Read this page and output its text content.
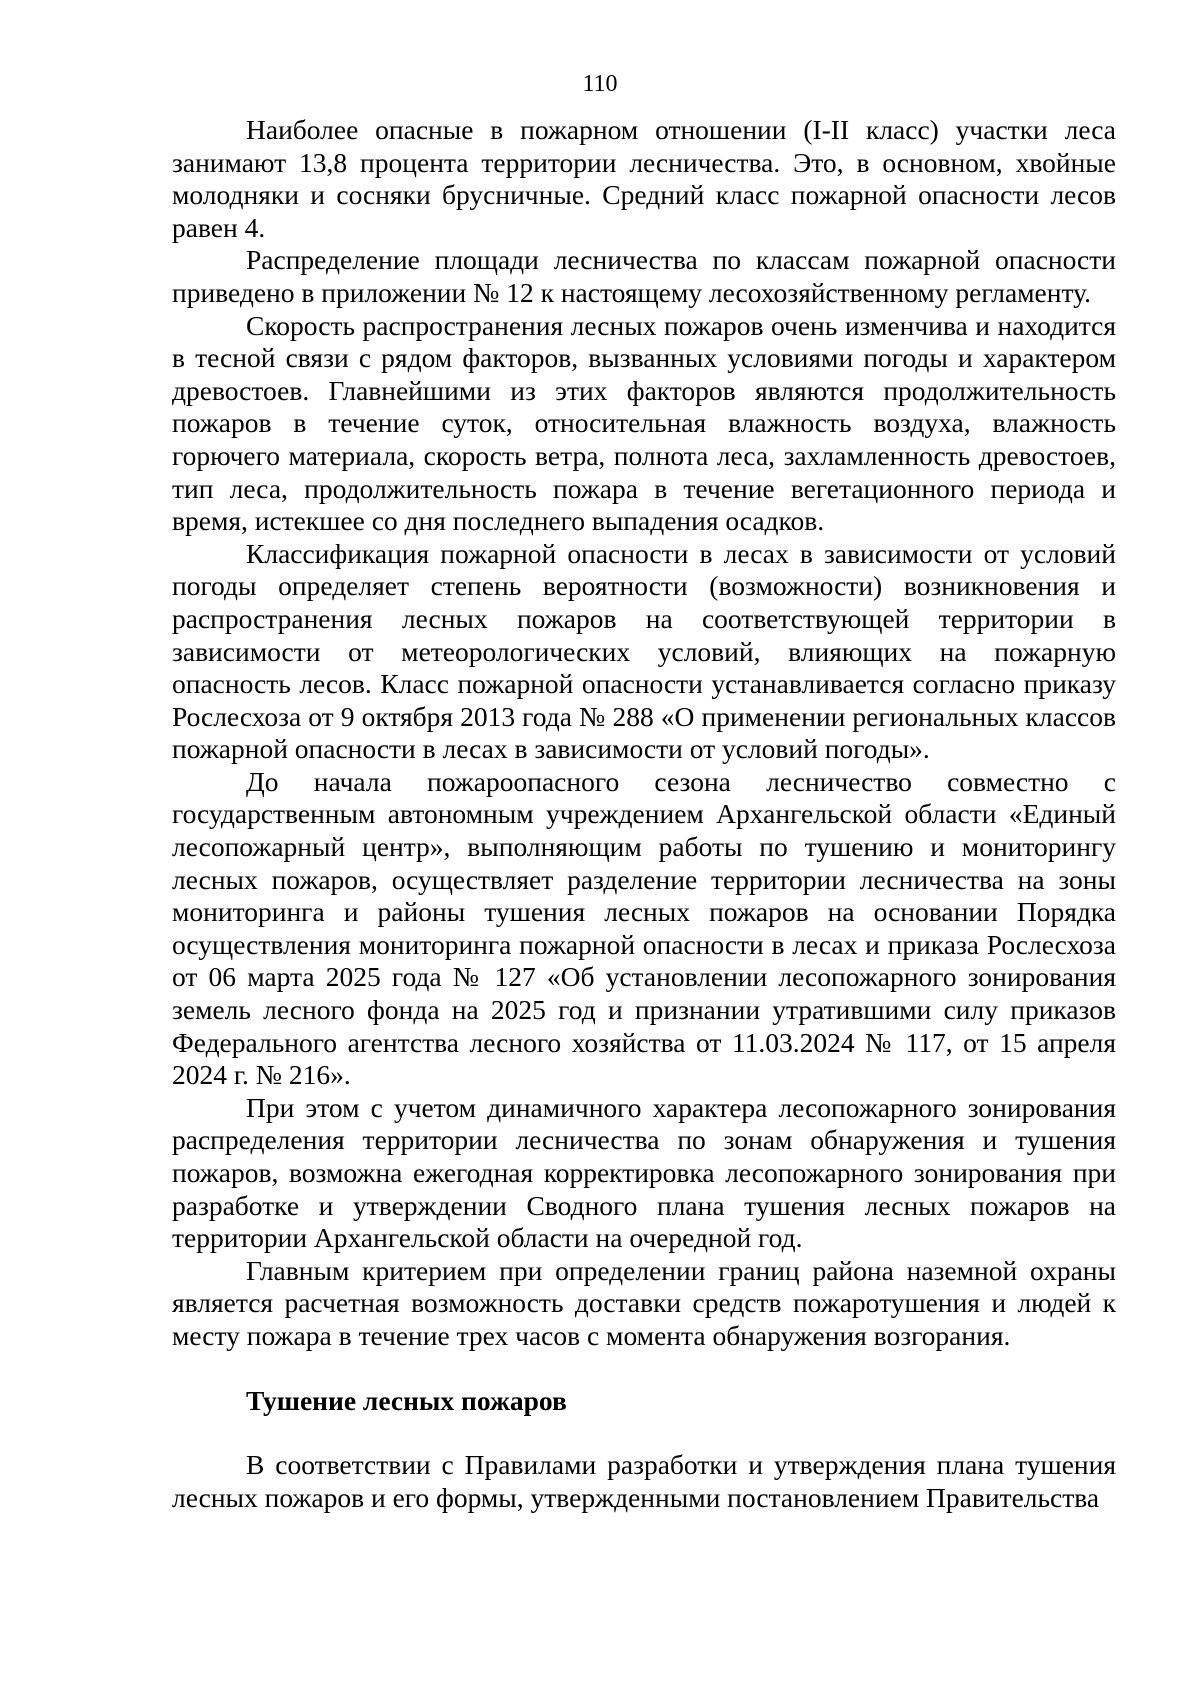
110

Наиболее опасные в пожарном отношении (I-II класс) участки леса занимают 13,8 процента территории лесничества. Это, в основном, хвойные молодняки и сосняки брусничные. Средний класс пожарной опасности лесов равен 4.

Распределение площади лесничества по классам пожарной опасности приведено в приложении № 12 к настоящему лесохозяйственному регламенту.

Скорость распространения лесных пожаров очень изменчива и находится в тесной связи с рядом факторов, вызванных условиями погоды и характером древостоев. Главнейшими из этих факторов являются продолжительность пожаров в течение суток, относительная влажность воздуха, влажность горючего материала, скорость ветра, полнота леса, захламленность древостоев, тип леса, продолжительность пожара в течение вегетационного периода и время, истекшее со дня последнего выпадения осадков.

Классификация пожарной опасности в лесах в зависимости от условий погоды определяет степень вероятности (возможности) возникновения и распространения лесных пожаров на соответствующей территории в зависимости от метеорологических условий, влияющих на пожарную опасность лесов. Класс пожарной опасности устанавливается согласно приказу Рослесхоза от 9 октября 2013 года № 288 «О применении региональных классов пожарной опасности в лесах в зависимости от условий погоды».

До начала пожароопасного сезона лесничество совместно с государственным автономным учреждением Архангельской области «Единый лесопожарный центр», выполняющим работы по тушению и мониторингу лесных пожаров, осуществляет разделение территории лесничества на зоны мониторинга и районы тушения лесных пожаров на основании Порядка осуществления мониторинга пожарной опасности в лесах и приказа Рослесхоза от 06 марта 2025 года № 127 «Об установлении лесопожарного зонирования земель лесного фонда на 2025 год и признании утратившими силу приказов Федерального агентства лесного хозяйства от 11.03.2024 № 117, от 15 апреля 2024 г. № 216».

При этом с учетом динамичного характера лесопожарного зонирования распределения территории лесничества по зонам обнаружения и тушения пожаров, возможна ежегодная корректировка лесопожарного зонирования при разработке и утверждении Сводного плана тушения лесных пожаров на территории Архангельской области на очередной год.

Главным критерием при определении границ района наземной охраны является расчетная возможность доставки средств пожаротушения и людей к месту пожара в течение трех часов с момента обнаружения возгорания.

Тушение лесных пожаров

В соответствии с Правилами разработки и утверждения плана тушения лесных пожаров и его формы, утвержденными постановлением Правительства
